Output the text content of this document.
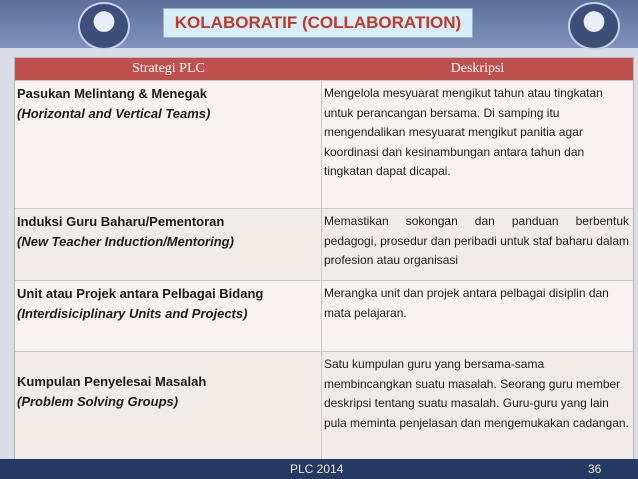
KOLABORATIF (COLLABORATION)
Strategi PLC	Deskripsi
Pasukan Melintang & Menegak
(Horizontal and Vertical Teams)
Mengelola mesyuarat mengikut tahun atau tingkatan untuk perancangan bersama. Di samping itu mengendalikan mesyuarat mengikut panitia agar koordinasi dan kesinambungan antara tahun dan tingkatan dapat dicapai.
Induksi Guru Baharu/Pementoran
(New Teacher Induction/Mentoring)
Memastikan sokongan dan panduan berbentuk pedagogi, prosedur dan peribadi untuk staf baharu dalam profesion atau organisasi
Unit atau Projek antara Pelbagai Bidang
(Interdisiciplinary Units and Projects)
Merangka unit dan projek antara pelbagai disiplin dan mata pelajaran.
Kumpulan Penyelesai Masalah
(Problem Solving Groups)
Satu kumpulan guru yang bersama-sama membincangkan suatu masalah. Seorang guru member deskripsi tentang suatu masalah. Guru-guru yang lain pula meminta penjelasan dan mengemukakan cadangan.
PLC 2014	36
